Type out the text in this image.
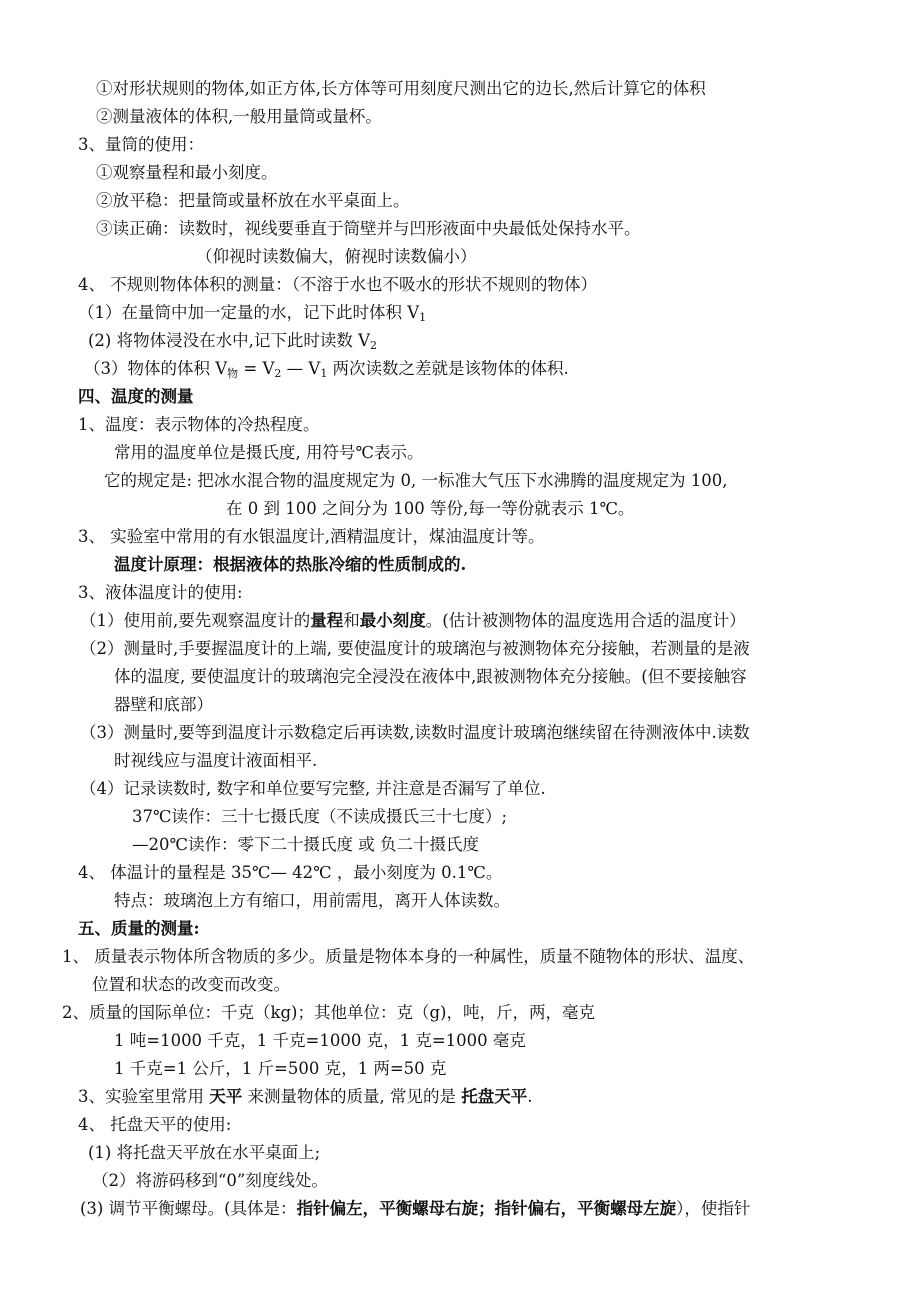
①对形状规则的物体,如正方体,长方体等可用刻度尺测出它的边长,然后计算它的体积
②测量液体的体积,一般用量筒或量杯。
3、量筒的使用：
①观察量程和最小刻度。
②放平稳：把量筒或量杯放在水平桌面上。
③读正确：读数时，视线要垂直于筒壁并与凹形液面中央最低处保持水平。
（仰视时读数偏大，俯视时读数偏小）
4、 不规则物体体积的测量：（不溶于水也不吸水的形状不规则的物体）
（1）在量筒中加一定量的水，记下此时体积 $V_1$
(2) 将物体浸没在水中,记下此时读数 $V_2$
（3）物体的体积 $V_物 = V_2$ — $V_1$ 两次读数之差就是该物体的体积.
四、温度的测量
1、温度：表示物体的冷热程度。
常用的温度单位是摄氏度, 用符号℃表示。
它的规定是: 把冰水混合物的温度规定为 0, 一标准大气压下水沸腾的温度规定为 100,
在 0 到 100 之间分为 100 等份,每一等份就表示 1℃。
3、 实验室中常用的有水银温度计,酒精温度计，煤油温度计等。
温度计原理：根据液体的热胀冷缩的性质制成的.
3、液体温度计的使用:
（1）使用前,要先观察温度计的量程和最小刻度。(估计被测物体的温度选用合适的温度计）
（2）测量时,手要握温度计的上端, 要使温度计的玻璃泡与被测物体充分接触，若测量的是液
体的温度, 要使温度计的玻璃泡完全浸没在液体中,跟被测物体充分接触。(但不要接触容
器壁和底部）
（3）测量时,要等到温度计示数稳定后再读数,读数时温度计玻璃泡继续留在待测液体中.读数
时视线应与温度计液面相平.
（4）记录读数时, 数字和单位要写完整, 并注意是否漏写了单位.
37℃读作：三十七摄氏度（不读成摄氏三十七度）;
—20℃读作：零下二十摄氏度 或 负二十摄氏度
4、 体温计的量程是 35℃— 42℃ ，最小刻度为 0.1℃。
特点：玻璃泡上方有缩口，用前需甩，离开人体读数。
五、质量的测量:
1、 质量表示物体所含物质的多少。质量是物体本身的一种属性，质量不随物体的形状、温度、
位置和状态的改变而改变。
2、质量的国际单位：千克（kg)；其他单位：克（g)，吨，斤，两，毫克
1 吨=1000 千克，1 千克=1000 克，1 克=1000 毫克
1 千克=1 公斤，1 斤=500 克，1 两=50 克
3、实验室里常用 天平 来测量物体的质量, 常见的是 托盘天平.
4、 托盘天平的使用:
(1) 将托盘天平放在水平桌面上;
（2）将游码移到“0”刻度线处。
(3) 调节平衡螺母。(具体是：指针偏左，平衡螺母右旋；指针偏右，平衡螺母左旋），使指针
